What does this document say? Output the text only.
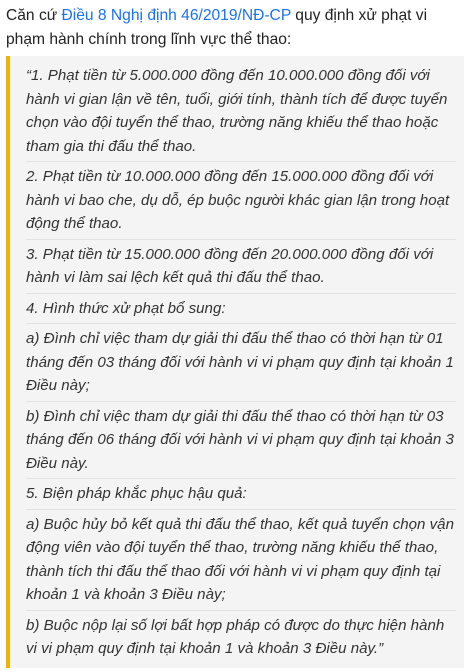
Căn cứ Điều 8 Nghị định 46/2019/NĐ-CP quy định xử phạt vi phạm hành chính trong lĩnh vực thể thao:

“1. Phạt tiền từ 5.000.000 đồng đến 10.000.000 đồng đối với hành vi gian lận về tên, tuổi, giới tính, thành tích để được tuyển chọn vào đội tuyển thể thao, trường năng khiếu thể thao hoặc tham gia thi đấu thể thao.

2. Phạt tiền từ 10.000.000 đồng đến 15.000.000 đồng đối với hành vi bao che, dụ dỗ, ép buộc người khác gian lận trong hoạt động thể thao.

3. Phạt tiền từ 15.000.000 đồng đến 20.000.000 đồng đối với hành vi làm sai lệch kết quả thi đấu thể thao.

4. Hình thức xử phạt bổ sung:

a) Đình chỉ việc tham dự giải thi đấu thể thao có thời hạn từ 01 tháng đến 03 tháng đối với hành vi vi phạm quy định tại khoản 1 Điều này;

b) Đình chỉ việc tham dự giải thi đấu thể thao có thời hạn từ 03 tháng đến 06 tháng đối với hành vi vi phạm quy định tại khoản 3 Điều này.

5. Biện pháp khắc phục hậu quả:

a) Buộc hủy bỏ kết quả thi đấu thể thao, kết quả tuyển chọn vận động viên vào đội tuyển thể thao, trường năng khiếu thể thao, thành tích thi đấu thể thao đối với hành vi vi phạm quy định tại khoản 1 và khoản 3 Điều này;

b) Buộc nộp lại số lợi bất hợp pháp có được do thực hiện hành vi vi phạm quy định tại khoản 1 và khoản 3 Điều này.”
